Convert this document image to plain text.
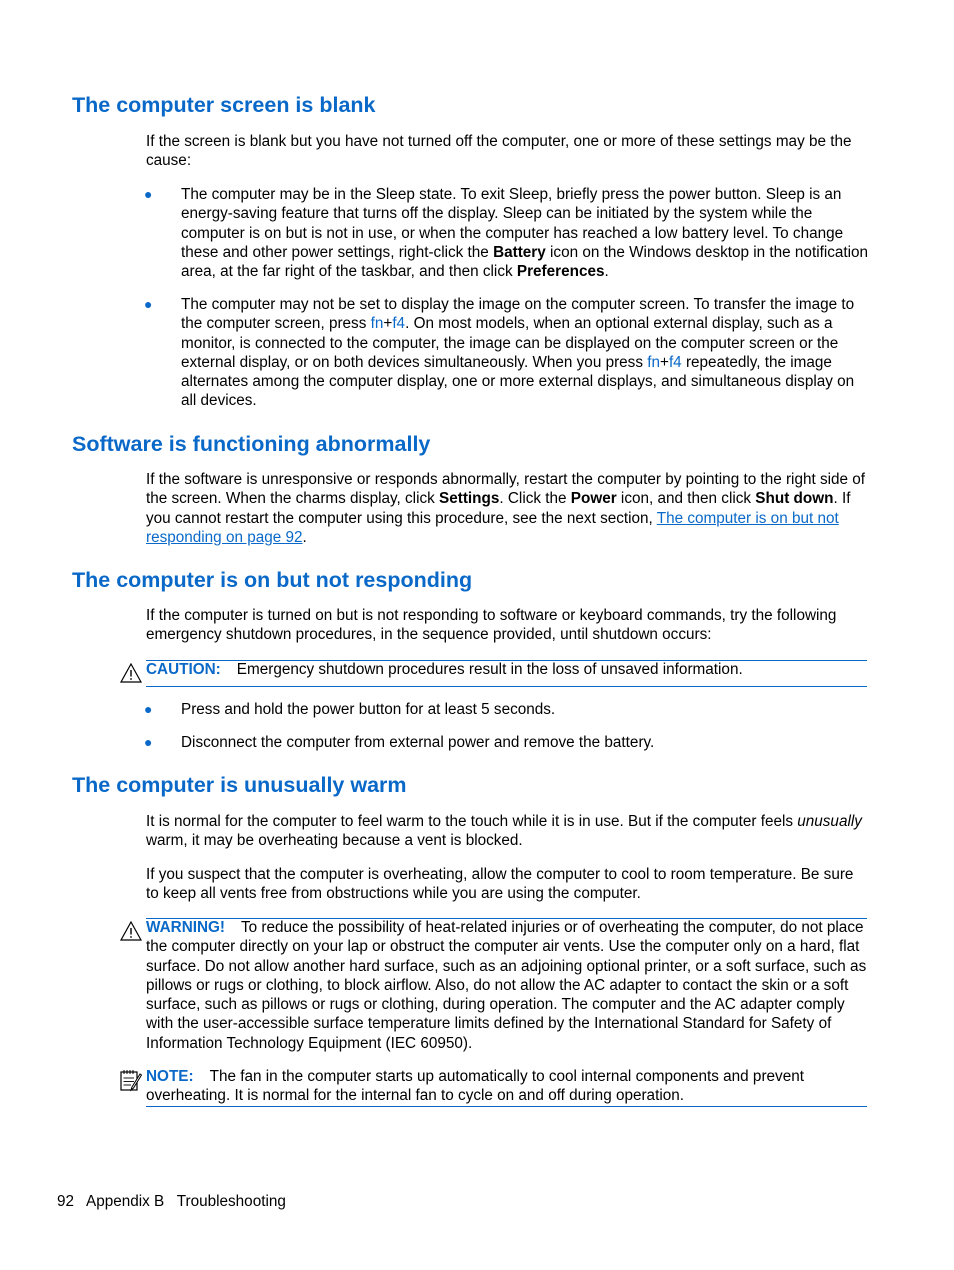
The computer screen is blank

If the screen is blank but you have not turned off the computer, one or more of these settings may be the cause:

● The computer may be in the Sleep state. To exit Sleep, briefly press the power button. Sleep is an energy-saving feature that turns off the display. Sleep can be initiated by the system while the computer is on but is not in use, or when the computer has reached a low battery level. To change these and other power settings, right-click the Battery icon on the Windows desktop in the notification area, at the far right of the taskbar, and then click Preferences.

● The computer may not be set to display the image on the computer screen. To transfer the image to the computer screen, press fn+f4. On most models, when an optional external display, such as a monitor, is connected to the computer, the image can be displayed on the computer screen or the external display, or on both devices simultaneously. When you press fn+f4 repeatedly, the image alternates among the computer display, one or more external displays, and simultaneous display on all devices.

Software is functioning abnormally

If the software is unresponsive or responds abnormally, restart the computer by pointing to the right side of the screen. When the charms display, click Settings. Click the Power icon, and then click Shut down. If you cannot restart the computer using this procedure, see the next section, The computer is on but not responding on page 92.

The computer is on but not responding

If the computer is turned on but is not responding to software or keyboard commands, try the following emergency shutdown procedures, in the sequence provided, until shutdown occurs:

CAUTION: Emergency shutdown procedures result in the loss of unsaved information.

● Press and hold the power button for at least 5 seconds.

● Disconnect the computer from external power and remove the battery.

The computer is unusually warm

It is normal for the computer to feel warm to the touch while it is in use. But if the computer feels unusually warm, it may be overheating because a vent is blocked.

If you suspect that the computer is overheating, allow the computer to cool to room temperature. Be sure to keep all vents free from obstructions while you are using the computer.

WARNING! To reduce the possibility of heat-related injuries or of overheating the computer, do not place the computer directly on your lap or obstruct the computer air vents. Use the computer only on a hard, flat surface. Do not allow another hard surface, such as an adjoining optional printer, or a soft surface, such as pillows or rugs or clothing, to block airflow. Also, do not allow the AC adapter to contact the skin or a soft surface, such as pillows or rugs or clothing, during operation. The computer and the AC adapter comply with the user-accessible surface temperature limits defined by the International Standard for Safety of Information Technology Equipment (IEC 60950).

NOTE: The fan in the computer starts up automatically to cool internal components and prevent overheating. It is normal for the internal fan to cycle on and off during operation.

92 Appendix B   Troubleshooting
